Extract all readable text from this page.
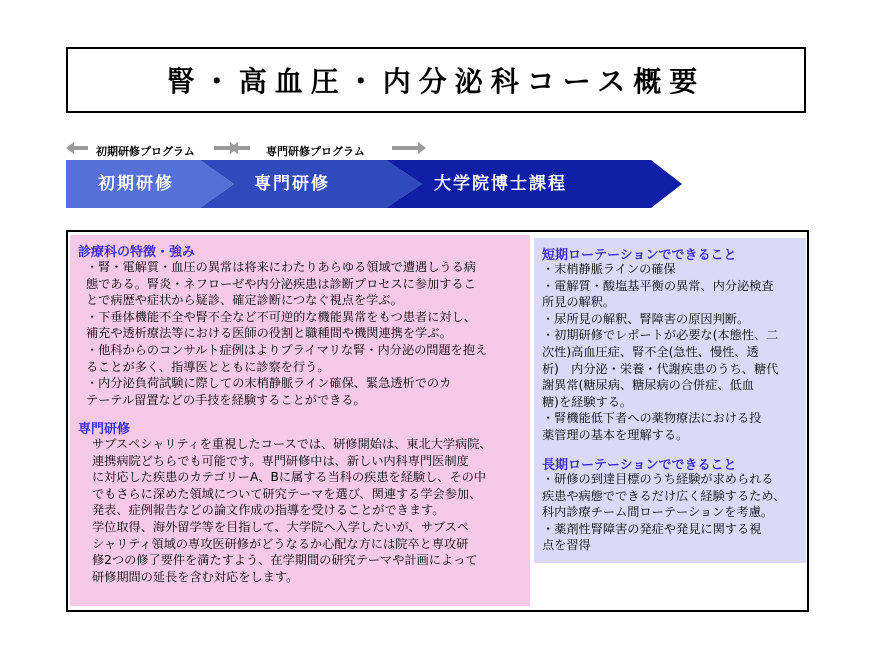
腎・高血圧・内分泌科コース概要
初期研修プログラム	専門研修プログラム
初期研修	専門研修	大学院博士課程
診療科の特徴・強み
・腎・電解質・血圧の異常は将来にわたりあらゆる領域で遭遇しうる病
態である。腎炎・ネフローゼや内分泌疾患は診断プロセスに参加するこ
とで病歴や症状から疑診、確定診断につなぐ視点を学ぶ。
・下垂体機能不全や腎不全など不可逆的な機能異常をもつ患者に対し、
補充や透析療法等における医師の役割と職種間や機関連携を学ぶ。
・他科からのコンサルト症例はよりプライマリな腎・内分泌の問題を抱え
ることが多く、指導医とともに診察を行う。
・内分泌負荷試験に際しての末梢静脈ライン確保、緊急透析でのカ
テーテル留置などの手技を経験することができる。
専門研修
サブスペシャリティを重視したコースでは、研修開始は、東北大学病院、
連携病院どちらでも可能です。専門研修中は、新しい内科専門医制度
に対応した疾患のカテゴリーA、Bに属する当科の疾患を経験し、その中
でもさらに深めた領域について研究テーマを選び、関連する学会参加、
発表、症例報告などの論文作成の指導を受けることができます。
学位取得、海外留学等を目指して、大学院へ入学したいが、サブスペ
シャリティ領域の専攻医研修がどうなるか心配な方には院卒と専攻研
修2つの修了要件を満たすよう、在学期間の研究テーマや計画によって
研修期間の延長を含む対応をします。
短期ローテーションでできること
・末梢静脈ラインの確保
・電解質・酸塩基平衡の異常、内分泌検査
所見の解釈。
・尿所見の解釈、腎障害の原因判断。
・初期研修でレポートが必要な(本態性、二
次性)高血圧症、腎不全(急性、慢性、透
析)　内分泌・栄養・代謝疾患のうち、糖代
謝異常(糖尿病、糖尿病の合併症、低血
糖)を経験する。
・腎機能低下者への薬物療法における投
薬管理の基本を理解する。
長期ローテーションでできること
・研修の到達目標のうち経験が求められる
疾患や病態でできるだけ広く経験するため、
科内診療チーム間ローテーションを考慮。
・薬剤性腎障害の発症や発見に関する視
点を習得
